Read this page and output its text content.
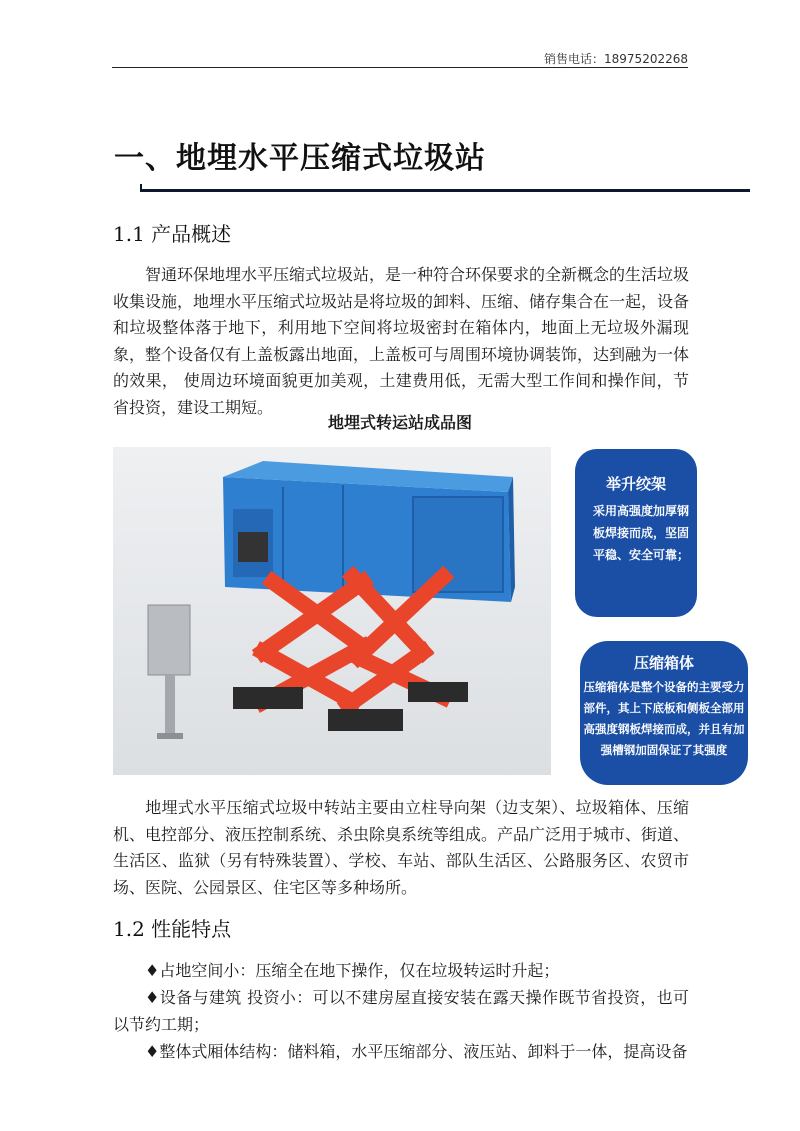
销售电话：18975202268
一、地埋水平压缩式垃圾站
1.1 产品概述
智通环保地埋水平压缩式垃圾站，是一种符合环保要求的全新概念的生活垃圾收集设施，地埋水平压缩式垃圾站是将垃圾的卸料、压缩、储存集合在一起，设备和垃圾整体落于地下，利用地下空间将垃圾密封在箱体内，地面上无垃圾外漏现象，整个设备仅有上盖板露出地面，上盖板可与周围环境协调装饰，达到融为一体的效果， 使周边环境面貌更加美观，土建费用低，无需大型工作间和操作间，节省投资，建设工期短。
地埋式转运站成品图
举升绞架
采用高强度加厚钢板焊接而成，坚固平稳、安全可靠；
压缩箱体
压缩箱体是整个设备的主要受力部件，其上下底板和侧板全部用高强度钢板焊接而成，并且有加强槽钢加固保证了其强度
地埋式水平压缩式垃圾中转站主要由立柱导向架（边支架）、垃圾箱体、压缩机、电控部分、液压控制系统、杀虫除臭系统等组成。产品广泛用于城市、街道、生活区、监狱（另有特殊装置）、学校、车站、部队生活区、公路服务区、农贸市场、医院、公园景区、住宅区等多种场所。
1.2 性能特点
♦占地空间小：压缩全在地下操作，仅在垃圾转运时升起；
♦设备与建筑 投资小：可以不建房屋直接安装在露天操作既节省投资，也可以节约工期；
♦整体式厢体结构：储料箱，水平压缩部分、液压站、卸料于一体，提高设备
